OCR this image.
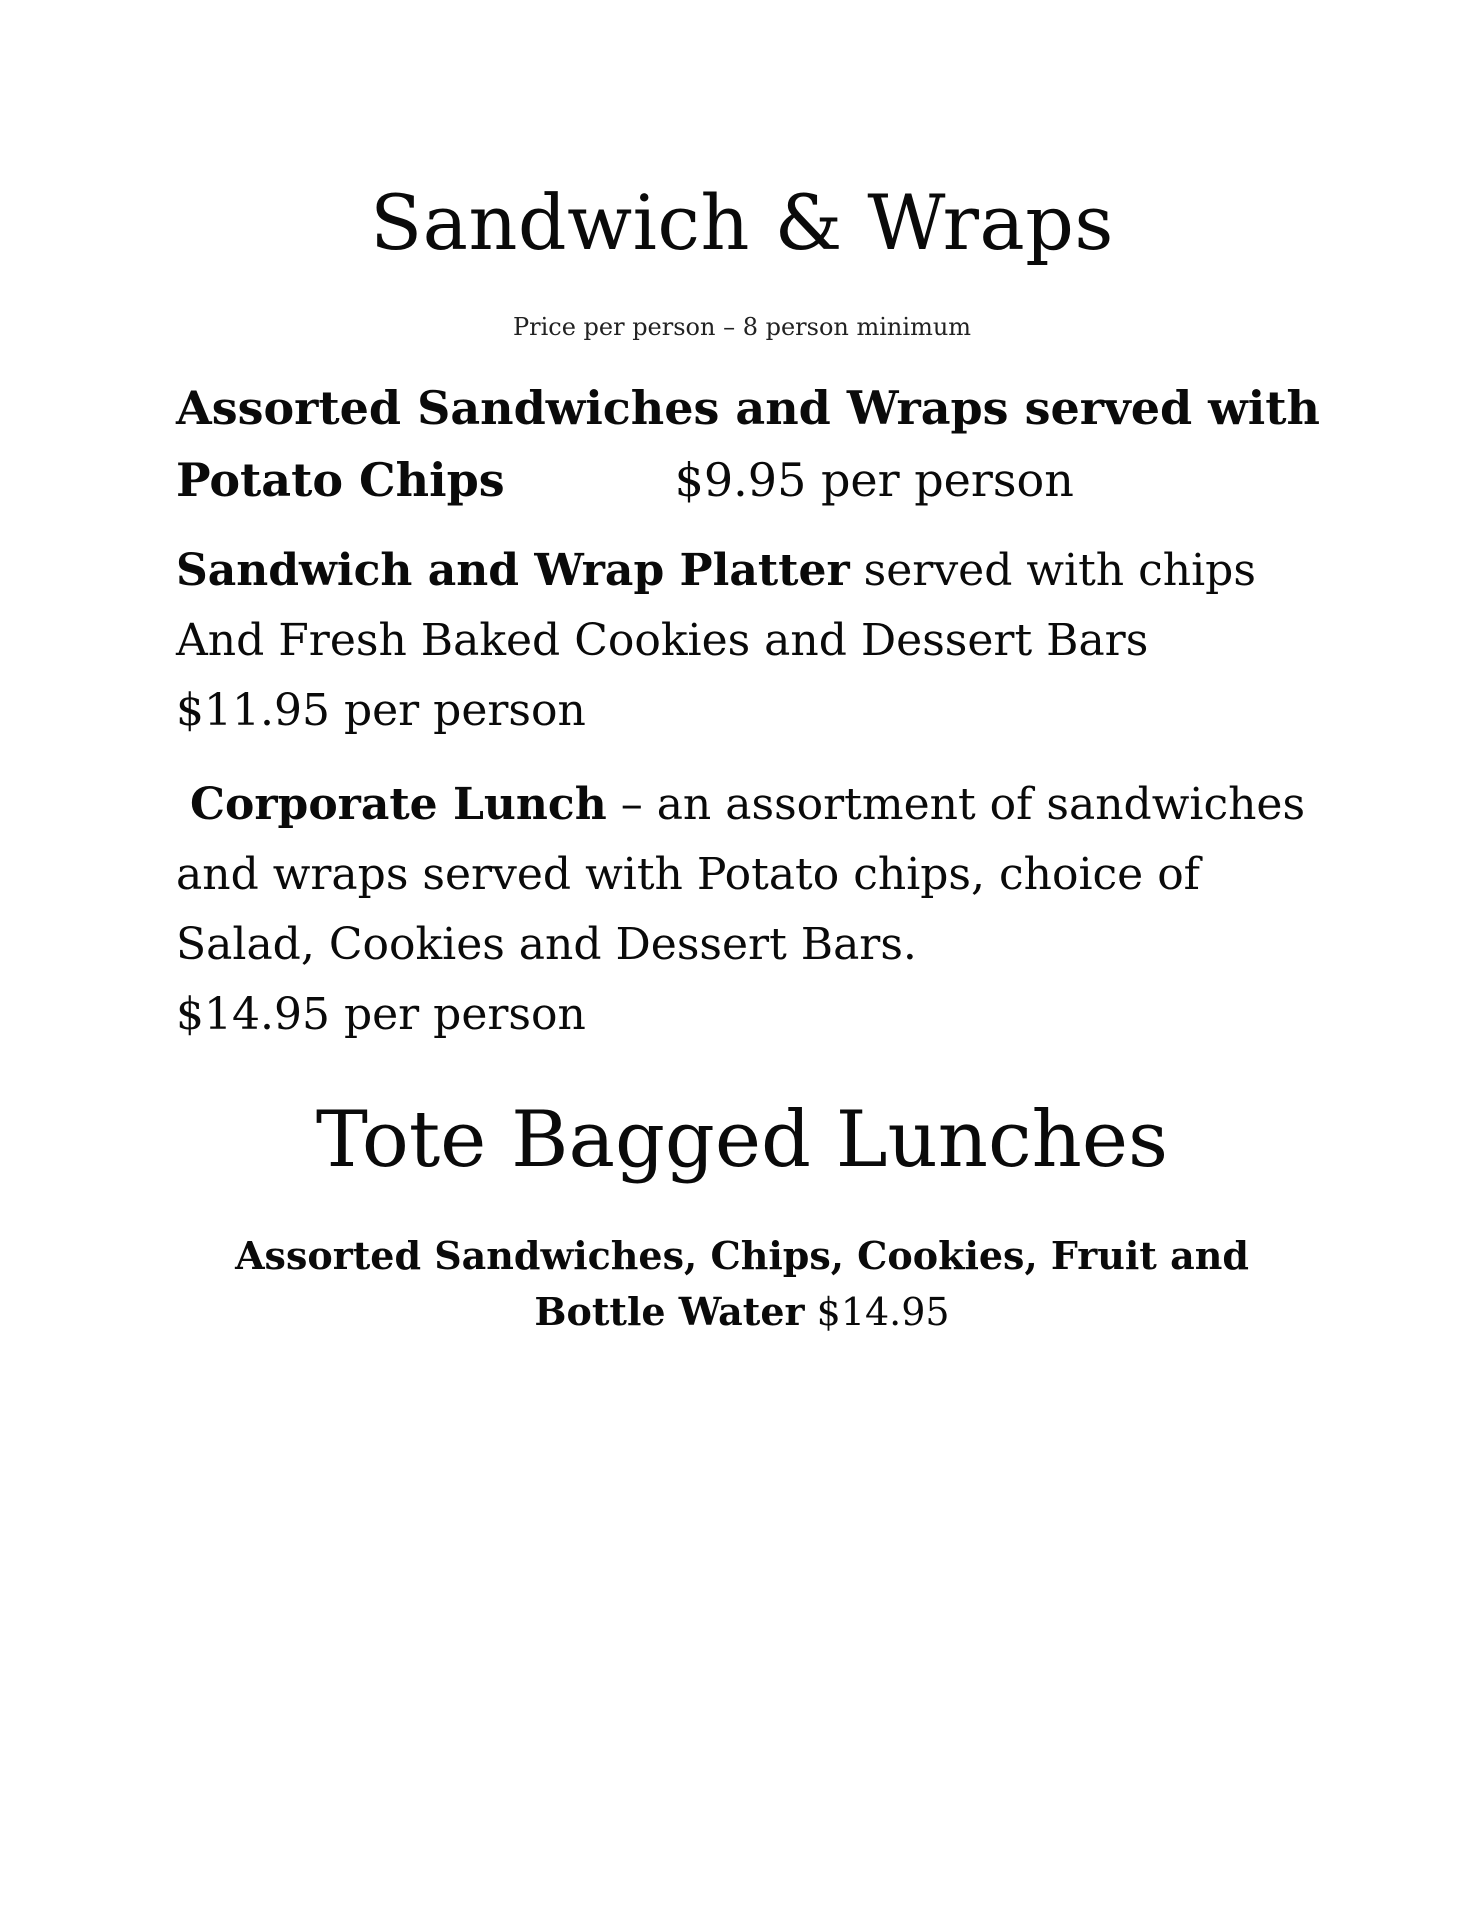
Sandwich & Wraps
Price per person – 8 person minimum
Assorted Sandwiches and Wraps served with Potato Chips	$9.95 per person
Sandwich and Wrap Platter served with chips And Fresh Baked Cookies and Dessert Bars
$11.95 per person
Corporate Lunch – an assortment of sandwiches and wraps served with Potato chips, choice of Salad, Cookies and Dessert Bars.
$14.95 per person
Tote Bagged Lunches
Assorted Sandwiches, Chips, Cookies, Fruit and Bottle Water $14.95
